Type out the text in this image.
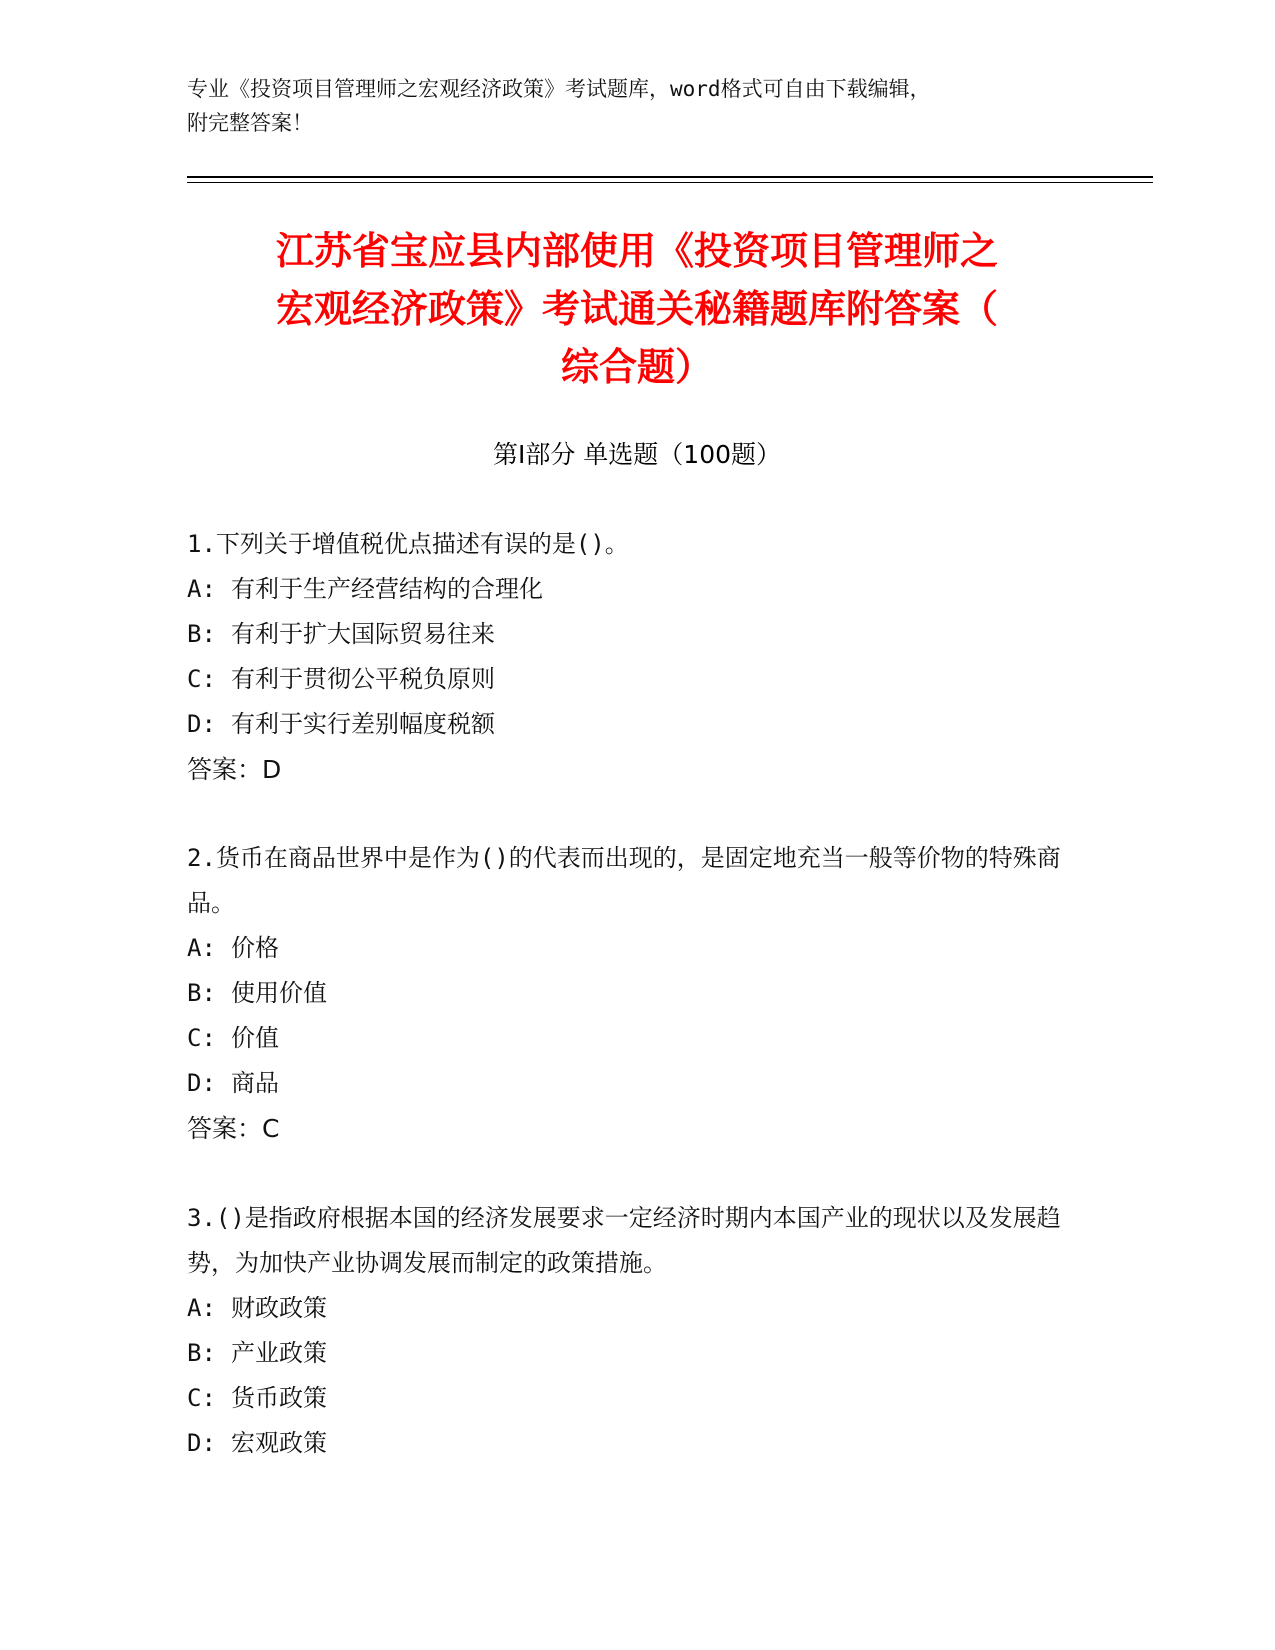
专业《投资项目管理师之宏观经济政策》考试题库，word格式可自由下载编辑，
附完整答案！
江苏省宝应县内部使用《投资项目管理师之
宏观经济政策》考试通关秘籍题库附答案（
综合题）
第Ⅰ部分 单选题（100题）

1.下列关于增值税优点描述有误的是()。

A: 有利于生产经营结构的合理化

B: 有利于扩大国际贸易往来

C: 有利于贯彻公平税负原则

D: 有利于实行差别幅度税额

答案：D

2.货币在商品世界中是作为()的代表而出现的，是固定地充当一般等价物的特殊商品。

A: 价格

B: 使用价值

C: 价值

D: 商品

答案：C

3.()是指政府根据本国的经济发展要求一定经济时期内本国产业的现状以及发展趋势，为加快产业协调发展而制定的政策措施。

A: 财政政策

B: 产业政策

C: 货币政策

D: 宏观政策
